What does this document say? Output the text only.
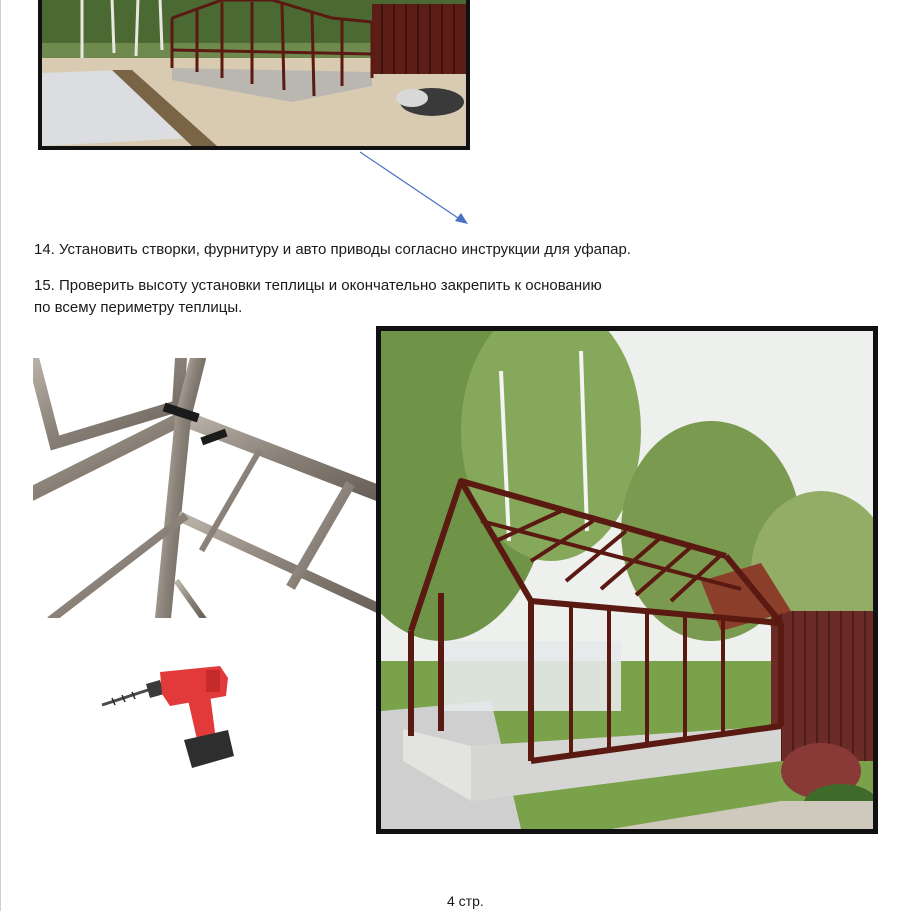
14. Установить створки, фурнитуру и авто приводы согласно инструкции для уфапар.

15. Проверить высоту установки теплицы и окончательно закрепить к основанию
по всему периметру теплицы.

4 стр.
